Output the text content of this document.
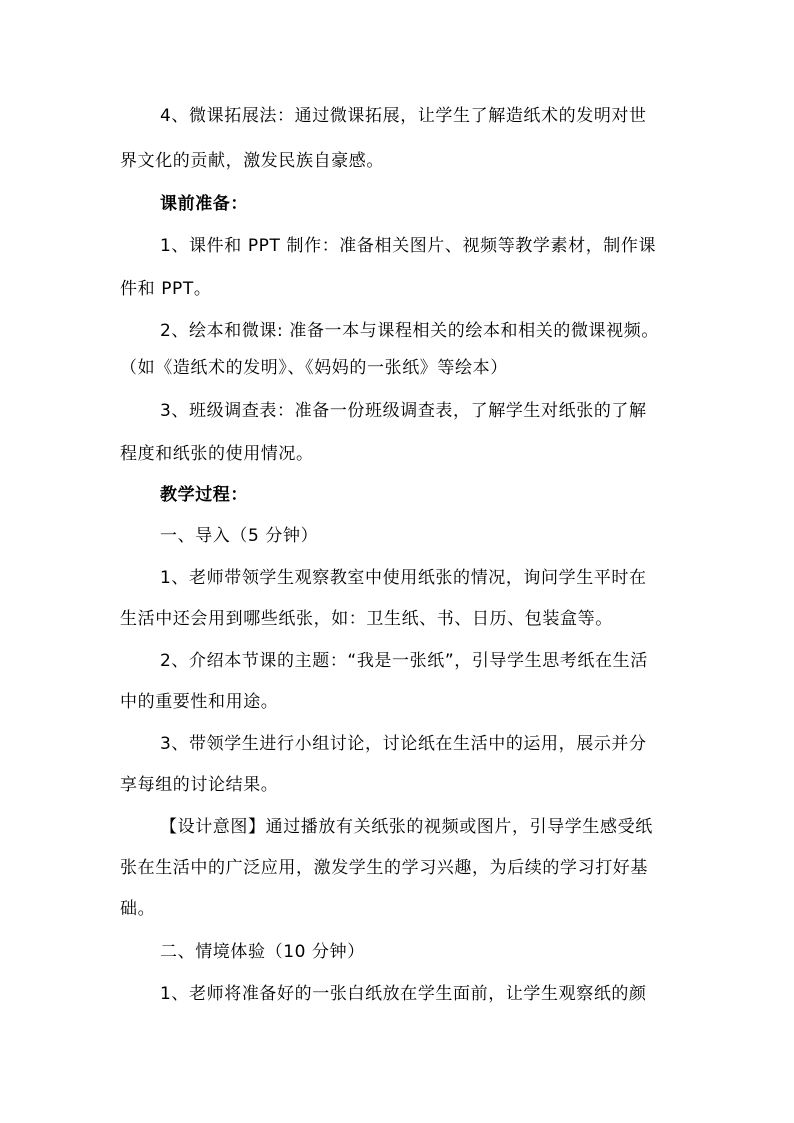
4、微课拓展法：通过微课拓展，让学生了解造纸术的发明对世
界文化的贡献，激发民族自豪感。
课前准备：
1、课件和 PPT 制作：准备相关图片、视频等教学素材，制作课
件和 PPT。
2、绘本和微课: 准备一本与课程相关的绘本和相关的微课视频。
（如《造纸术的发明》、《妈妈的一张纸》等绘本）
3、班级调查表：准备一份班级调查表，了解学生对纸张的了解
程度和纸张的使用情况。
教学过程：
一、导入（5 分钟）
1、老师带领学生观察教室中使用纸张的情况，询问学生平时在
生活中还会用到哪些纸张，如：卫生纸、书、日历、包装盒等。
2、介绍本节课的主题：“我是一张纸”，引导学生思考纸在生活
中的重要性和用途。
3、带领学生进行小组讨论，讨论纸在生活中的运用，展示并分
享每组的讨论结果。
【设计意图】通过播放有关纸张的视频或图片，引导学生感受纸
张在生活中的广泛应用，激发学生的学习兴趣，为后续的学习打好基
础。
二、情境体验（10 分钟）
1、老师将准备好的一张白纸放在学生面前，让学生观察纸的颜
